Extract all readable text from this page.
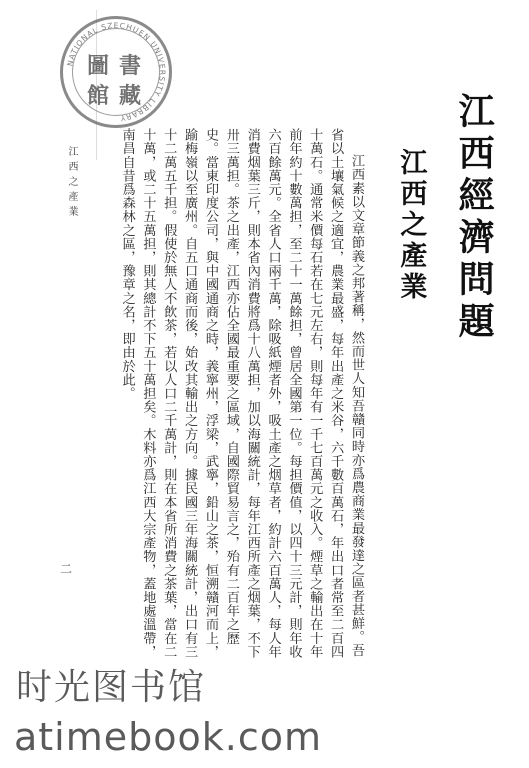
NATIONAL SZECHUEN UNIVERSITY LIBRARY
圖 書
館 藏	江西經濟問題
江西之產業

江西素以文章節義之邦著稱，然而世人知吾贛同時亦爲農商業最發達之區者甚鮮。吾省以土壤氣候之適宜，農業最盛，每年出產之米谷，六千數百萬石，年出口者常至二百四十萬石。通常米價每石若在七元左右，則每年有一千七百萬元之收入。煙草之輸出在十年前年約十數萬担，至二十一萬餘担，曾居全國第一位。每担價值，以四十三元計，則年收六百餘萬元。全省人口兩千萬，除吸紙煙者外，吸土產之烟草者，約計六百萬人，每人年消費烟葉三斤，則本省內消費將爲十八萬担，加以海關統計，每年江西所產之烟葉，不下卅三萬担。茶之出產，江西亦佔全國最重要之區域，自國際貿易言之，殆有二百年之歷史。當東印度公司，與中國通商之時，義寧州，浮梁，武寧，鉛山之茶，恒溯贛河而上，踰梅嶺以至廣州。自五口通商而後，始改其輸出之方向。據民國三年海關統計，出口有三十二萬五千担。假使於無人不飲茶，若以人口二千萬計，則在本省所消費之茶葉，當在二十萬，或二十五萬担，則其總計不下五十萬担矣。木料亦爲江西大宗產物，蓋地處溫帶，南昌自昔爲森林之區，豫章之名，即由於此。

江西之產業
二
时光图书馆
atimebook.com
